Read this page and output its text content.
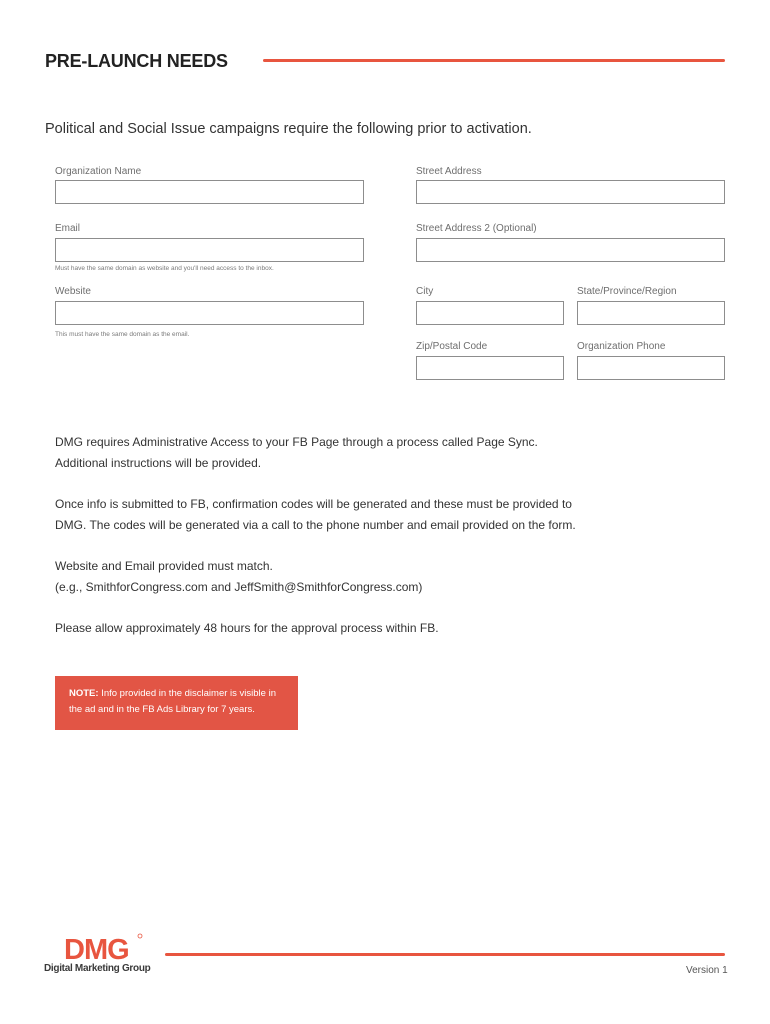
PRE-LAUNCH NEEDS
Political and Social Issue campaigns require the following prior to activation.
Organization Name
Email
Must have the same domain as website and you'll need access to the inbox.
Website
This must have the same domain as the email.
Street Address
Street Address 2 (Optional)
City	State/Province/Region
Zip/Postal Code	Organization Phone
DMG requires Administrative Access to your FB Page through a process called Page Sync.
Additional instructions will be provided.
Once info is submitted to FB, confirmation codes will be generated and these must be provided to
DMG. The codes will be generated via a call to the phone number and email provided on the form.
Website and Email provided must match.
(e.g., SmithforCongress.com and JeffSmith@SmithforCongress.com)
Please allow approximately 48 hours for the approval process within FB.
NOTE: Info provided in the disclaimer is visible in
the ad and in the FB Ads Library for 7 years.
DMG
Digital Marketing Group	Version 1
